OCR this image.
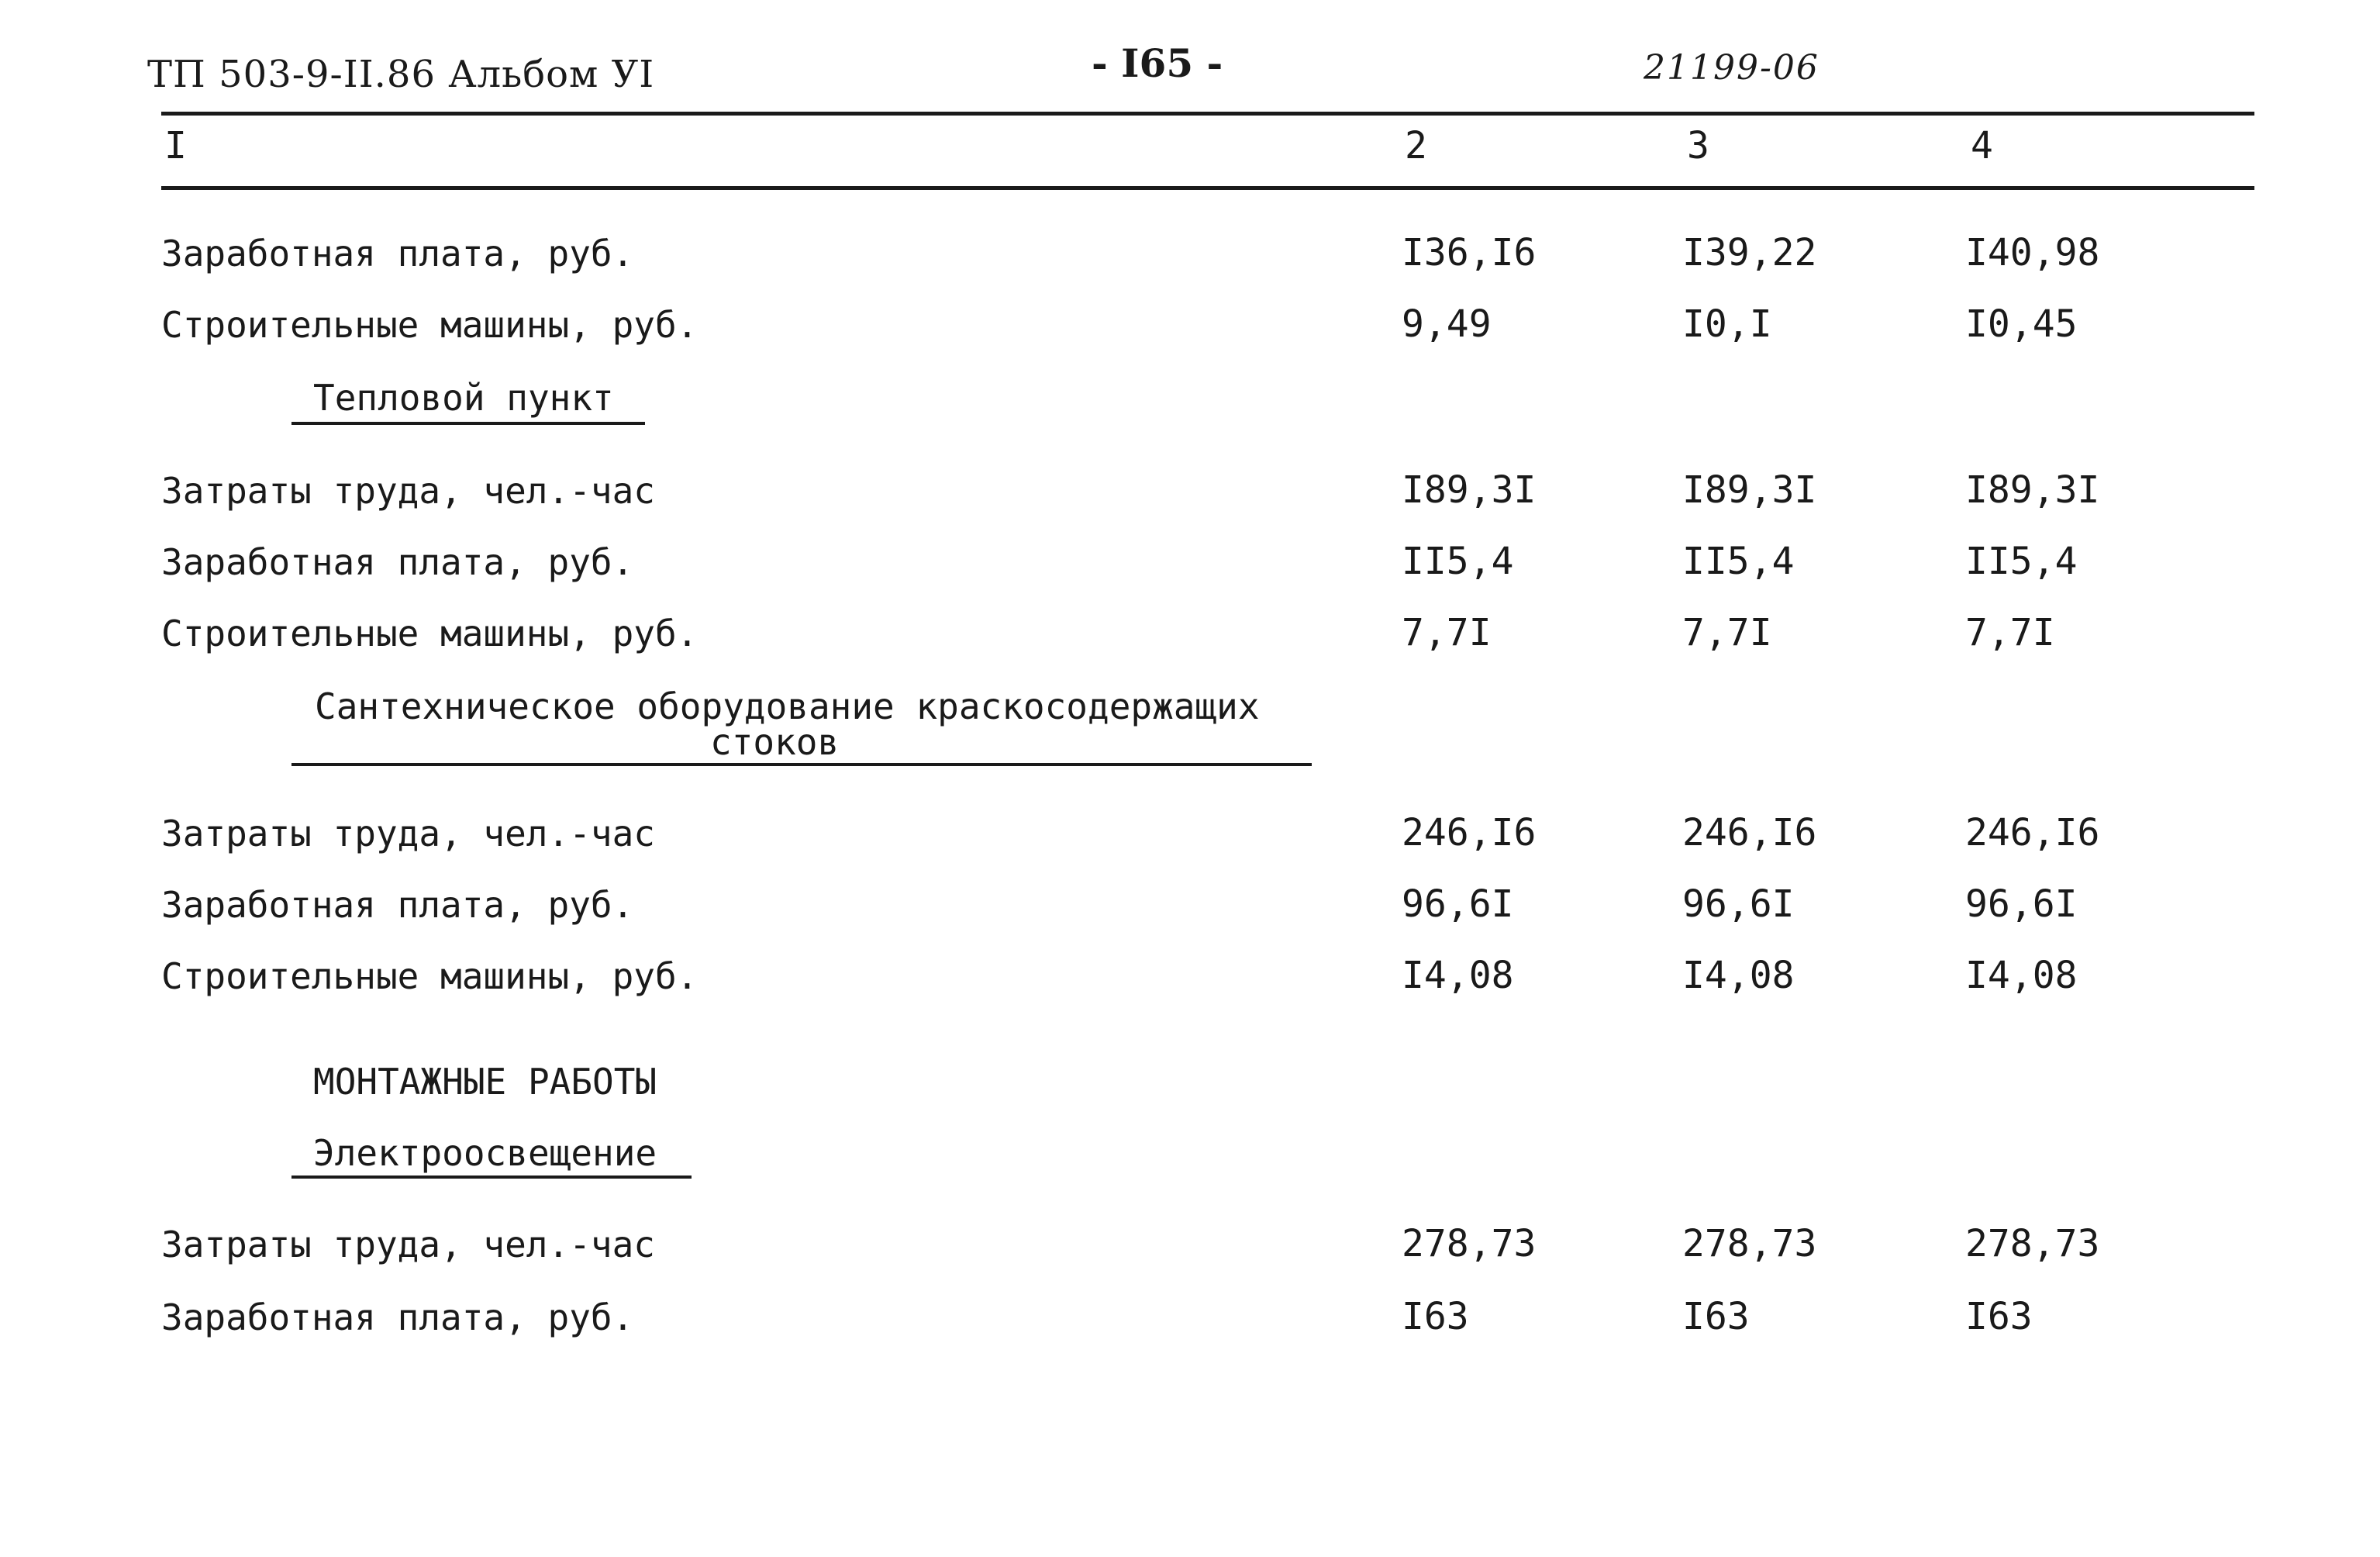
ТП 503-9-II.86 Альбом УI	- I65 -	21199-06
I	2	3	4
Заработная плата, руб.	I36,I6	I39,22	I40,98
Строительные машины, руб.	9,49	I0,I	I0,45
Тепловой пункт
Затраты труда, чел.-час	I89,3I	I89,3I	I89,3I
Заработная плата, руб.	II5,4	II5,4	II5,4
Строительные машины, руб.	7,7I	7,7I	7,7I
Сантехническое оборудование краскосодержащих
стоков
Затраты труда, чел.-час	246,I6	246,I6	246,I6
Заработная плата, руб.	96,6I	96,6I	96,6I
Строительные машины, руб.	I4,08	I4,08	I4,08
МОНТАЖНЫЕ РАБОТЫ
Электроосвещение
Затраты труда, чел.-час	278,73	278,73	278,73
Заработная плата, руб.	I63	I63	I63
